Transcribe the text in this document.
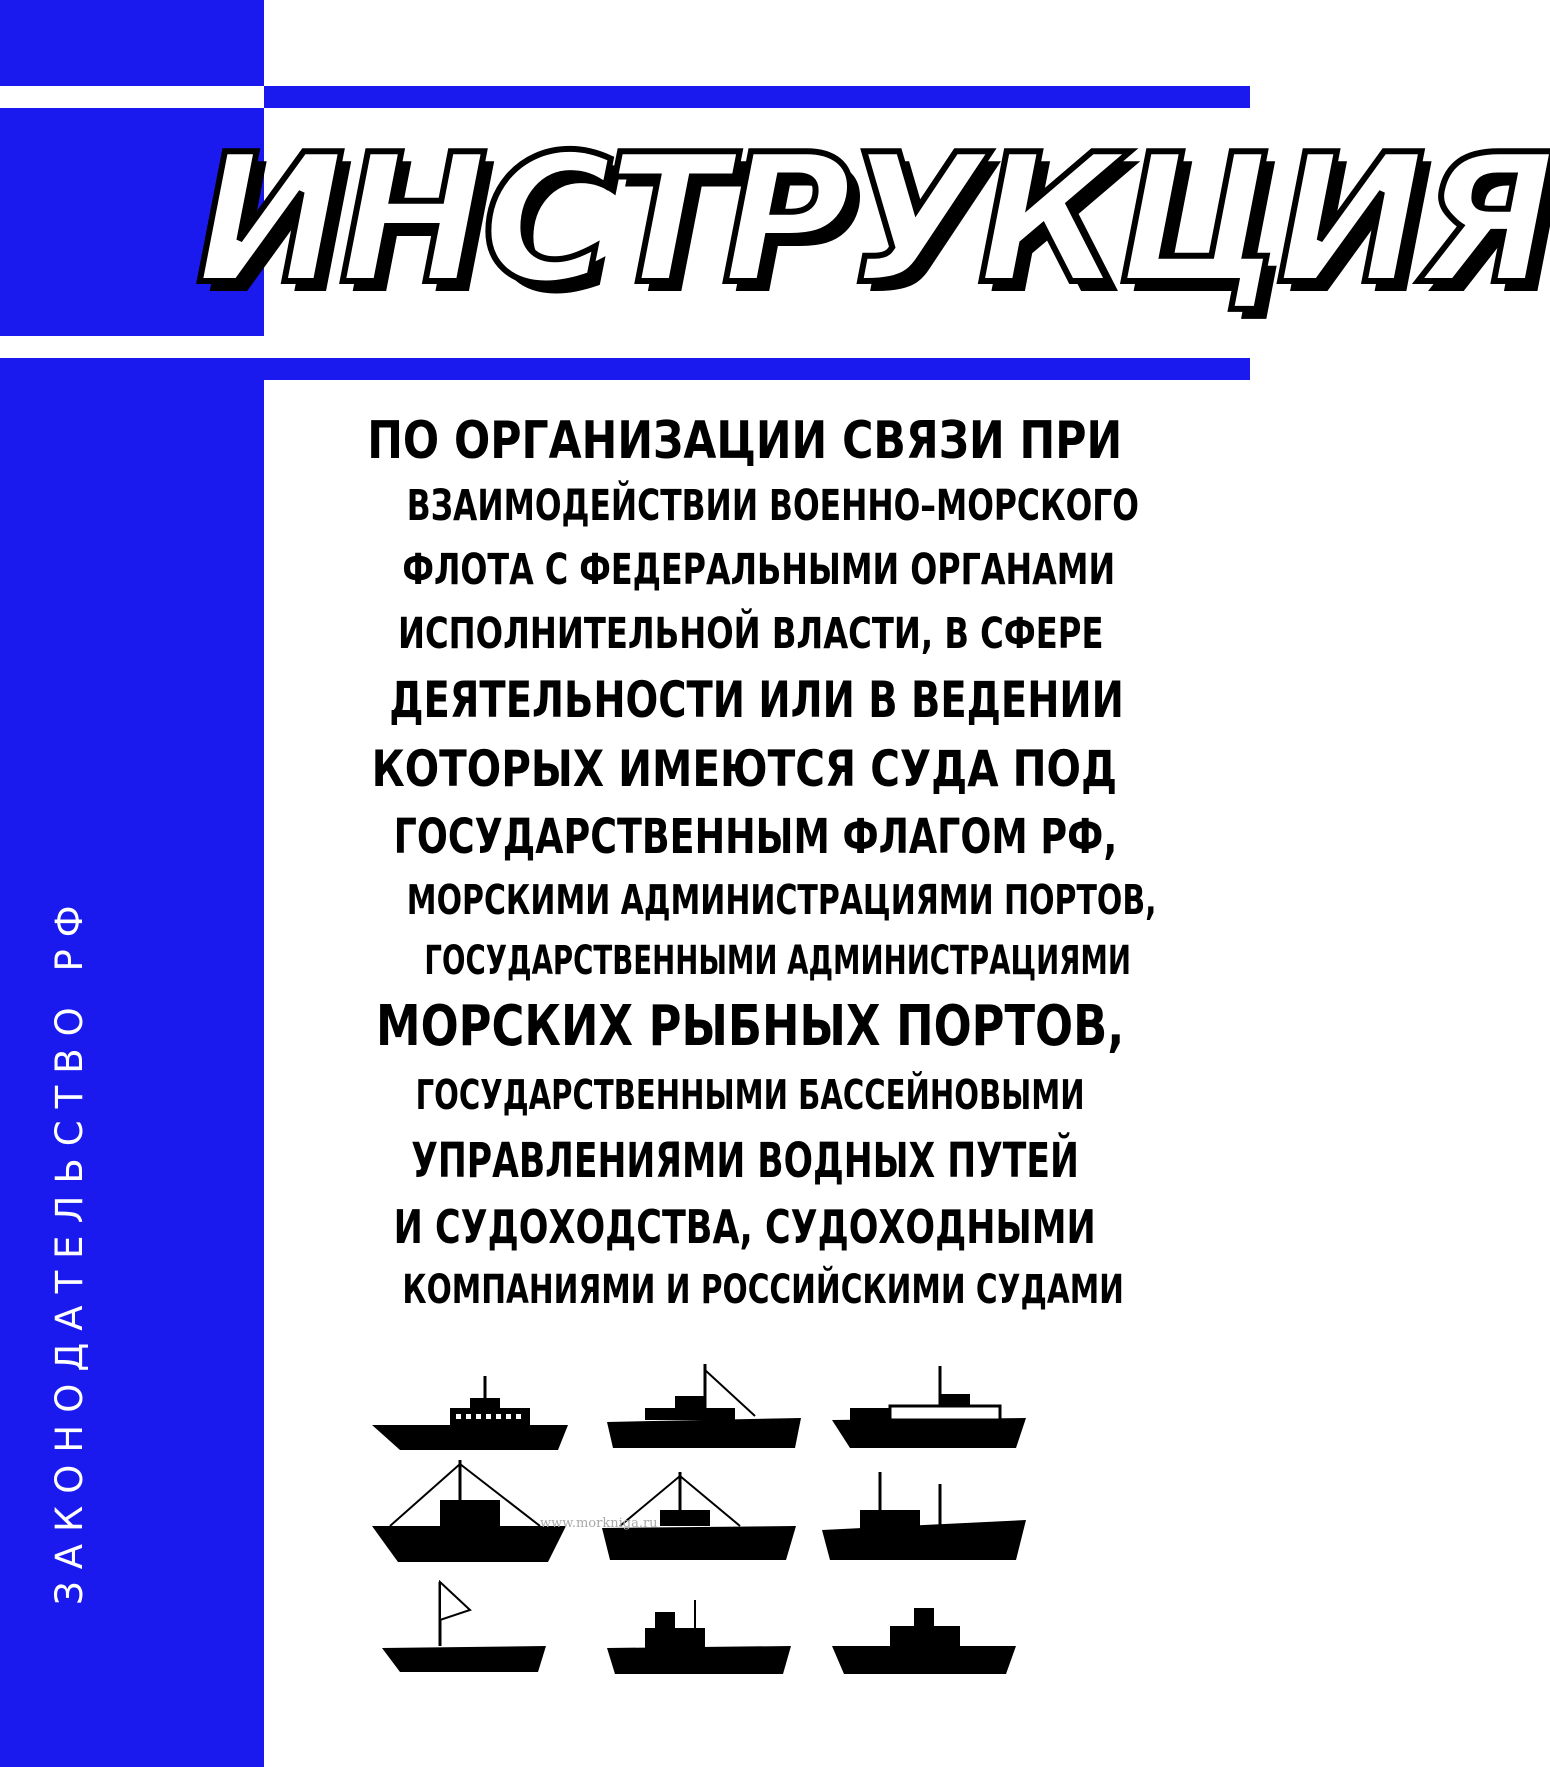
ЗАКОНОДАТЕЛЬСТВО РФ
ИНСТРУКЦИЯ
ПО ОРГАНИЗАЦИИ СВЯЗИ ПРИ
ВЗАИМОДЕЙСТВИИ ВОЕННО–МОРСКОГО
ФЛОТА С ФЕДЕРАЛЬНЫМИ ОРГАНАМИ
ИСПОЛНИТЕЛЬНОЙ ВЛАСТИ, В СФЕРЕ
ДЕЯТЕЛЬНОСТИ ИЛИ В ВЕДЕНИИ
КОТОРЫХ ИМЕЮТСЯ СУДА ПОД
ГОСУДАРСТВЕННЫМ ФЛАГОМ РФ,
МОРСКИМИ АДМИНИСТРАЦИЯМИ ПОРТОВ,
ГОСУДАРСТВЕННЫМИ АДМИНИСТРАЦИЯМИ
МОРСКИХ РЫБНЫХ ПОРТОВ,
ГОСУДАРСТВЕННЫМИ БАССЕЙНОВЫМИ
УПРАВЛЕНИЯМИ ВОДНЫХ ПУТЕЙ
И СУДОХОДСТВА, СУДОХОДНЫМИ
КОМПАНИЯМИ И РОССИЙСКИМИ СУДАМИ
www.morkniga.ru
